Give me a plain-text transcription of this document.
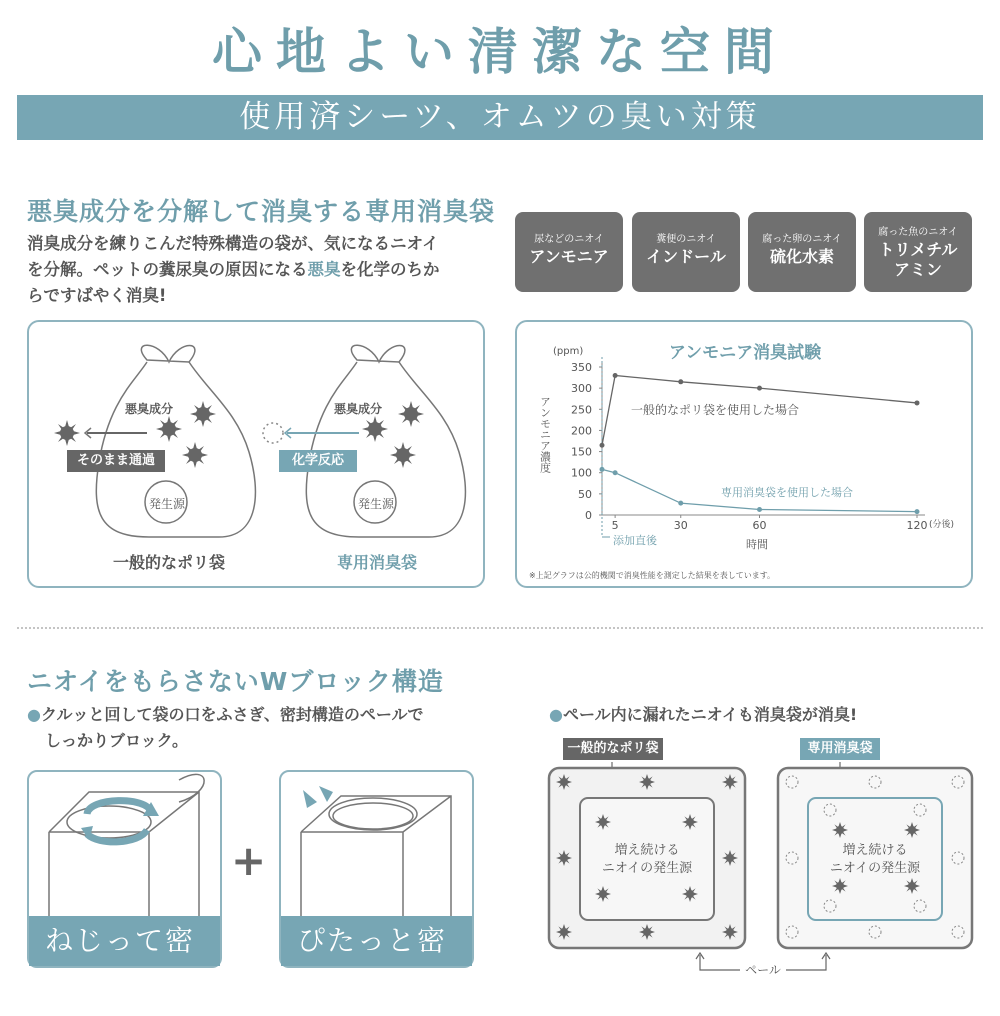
心地よい清潔な空間
使用済シーツ、オムツの臭い対策
悪臭成分を分解して消臭する専用消臭袋
消臭成分を練りこんだ特殊構造の袋が、気になるニオイ
を分解。ペットの糞尿臭の原因になる悪臭を化学のちか
らですばやく消臭!
尿などのニオイ
アンモニア
糞便のニオイ
インドール
腐った卵のニオイ
硫化水素
腐った魚のニオイ
トリメチル
アミン
悪臭成分
そのまま通過
発生源
一般的なポリ袋
悪臭成分
化学反応
発生源
専用消臭袋
アンモニア消臭試験
(ppm)
アンモニア濃度
時間
(分後)
添加直後
一般的なポリ袋を使用した場合
専用消臭袋を使用した場合
※上記グラフは公的機関で消臭性能を測定した結果を表しています。
0
50
100
150
200
250
300
350
5	30	60	120
ニオイをもらさないWブロック構造
●クルッと回して袋の口をふさぎ、密封構造のペールで
しっかりブロック。
●ペール内に漏れたニオイも消臭袋が消臭!
ねじって密封
+
ぴたっと密閉
一般的なポリ袋	専用消臭袋
増え続ける
ニオイの発生源
増え続ける
ニオイの発生源
ペール
